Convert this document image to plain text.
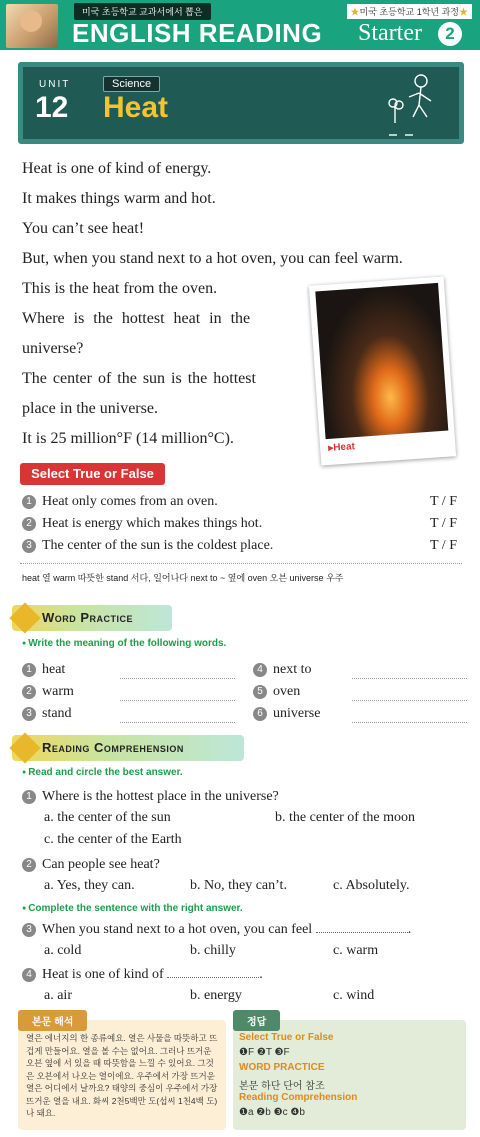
미국 초등학교 교과서에서 뽑은
ENGLISH READING
★미국 초등학교 1학년 과정★
Starter	2
UNIT
12
Science
Heat
Heat is one of kind of energy.
It makes things warm and hot.
You can’t see heat!
But, when you stand next to a hot oven, you can feel warm.
This is the heat from the oven.
Where is the hottest heat in the
universe?
The center of the sun is the hottest
place in the universe.
It is 25 million°F (14 million°C).
▸Heat
Select True or False
1 Heat only comes from an oven.	T / F
2 Heat is energy which makes things hot.	T / F
3 The center of the sun is the coldest place.	T / F
heat 열 warm 따뜻한 stand 서다, 일어나다 next to ~ 옆에 oven 오븐 universe 우주
Word Practice
● Write the meaning of the following words.
1 heat
2 warm
3 stand
4 next to
5 oven
6 universe
Reading Comprehension
● Read and circle the best answer.
1 Where is the hottest place in the universe?
a. the center of the sun	b. the center of the moon
c. the center of the Earth
2 Can people see heat?
a. Yes, they can.	b. No, they can’t.	c. Absolutely.
● Complete the sentence with the right answer.
3 When you stand next to a hot oven, you can feel	.
a. cold	b. chilly	c. warm
4 Heat is one of kind of	.
a. air	b. energy	c. wind
본문 해석
열은 에너지의 한 종류예요. 열은 사물을 따뜻하고 뜨겁게 만들어요. 열을 볼 수는 없어요. 그러나 뜨거운 오븐 옆에 서 있을 때 따뜻함을 느낄 수 있어요. 그것은 오븐에서 나오는 열이에요. 우주에서 가장 뜨거운 열은 어디에서 날까요? 태양의 중심이 우주에서 가장 뜨거운 열을 내요. 화씨 2천5백만 도(섭씨 1천4백 도)나 돼요.
정답
Select True or False
❶F ❷T ❸F
WORD PRACTICE
본문 하단 단어 참조
Reading Comprehension
❶a ❷b ❸c ❹b
